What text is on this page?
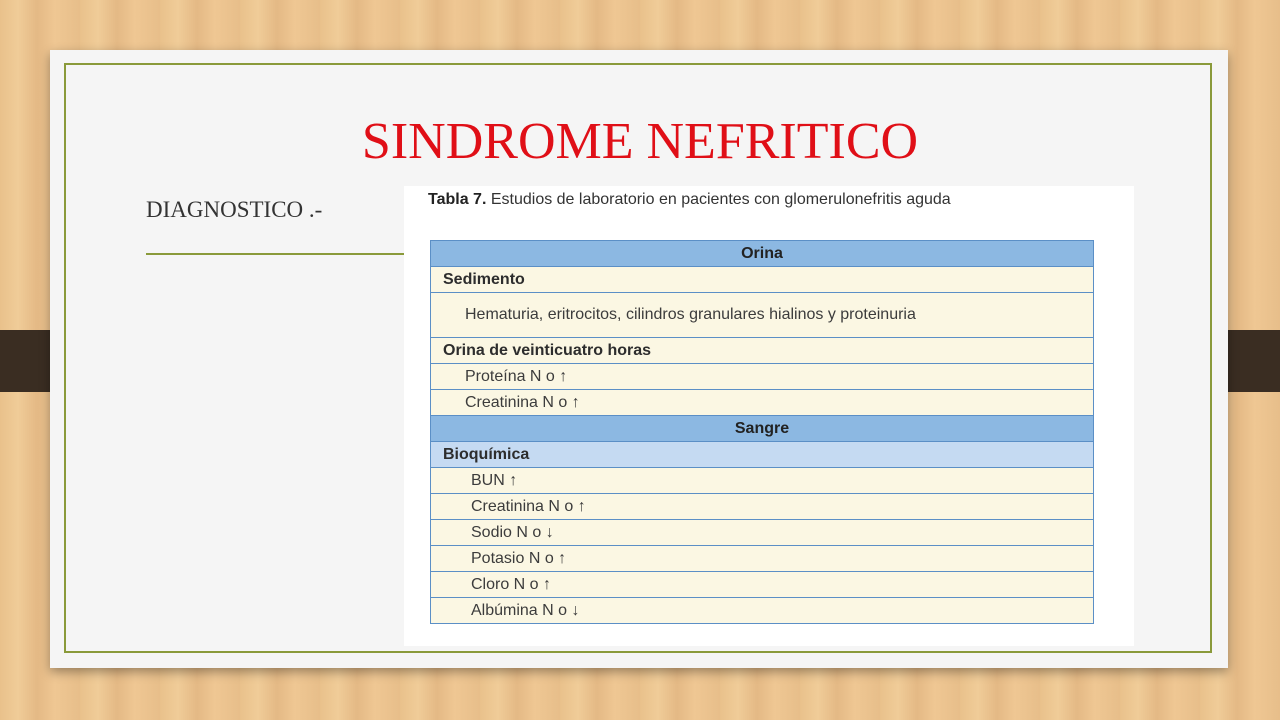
SINDROME NEFRITICO
DIAGNOSTICO .-	Tabla 7. Estudios de laboratorio en pacientes con glomerulonefritis aguda
Orina
Sedimento
Hematuria, eritrocitos, cilindros granulares hialinos y proteinuria
Orina de veinticuatro horas
Proteína N o ↑
Creatinina N o ↑
Sangre
Bioquímica
BUN ↑
Creatinina N o ↑
Sodio N o ↓
Potasio N o ↑
Cloro N o ↑
Albúmina N o ↓
